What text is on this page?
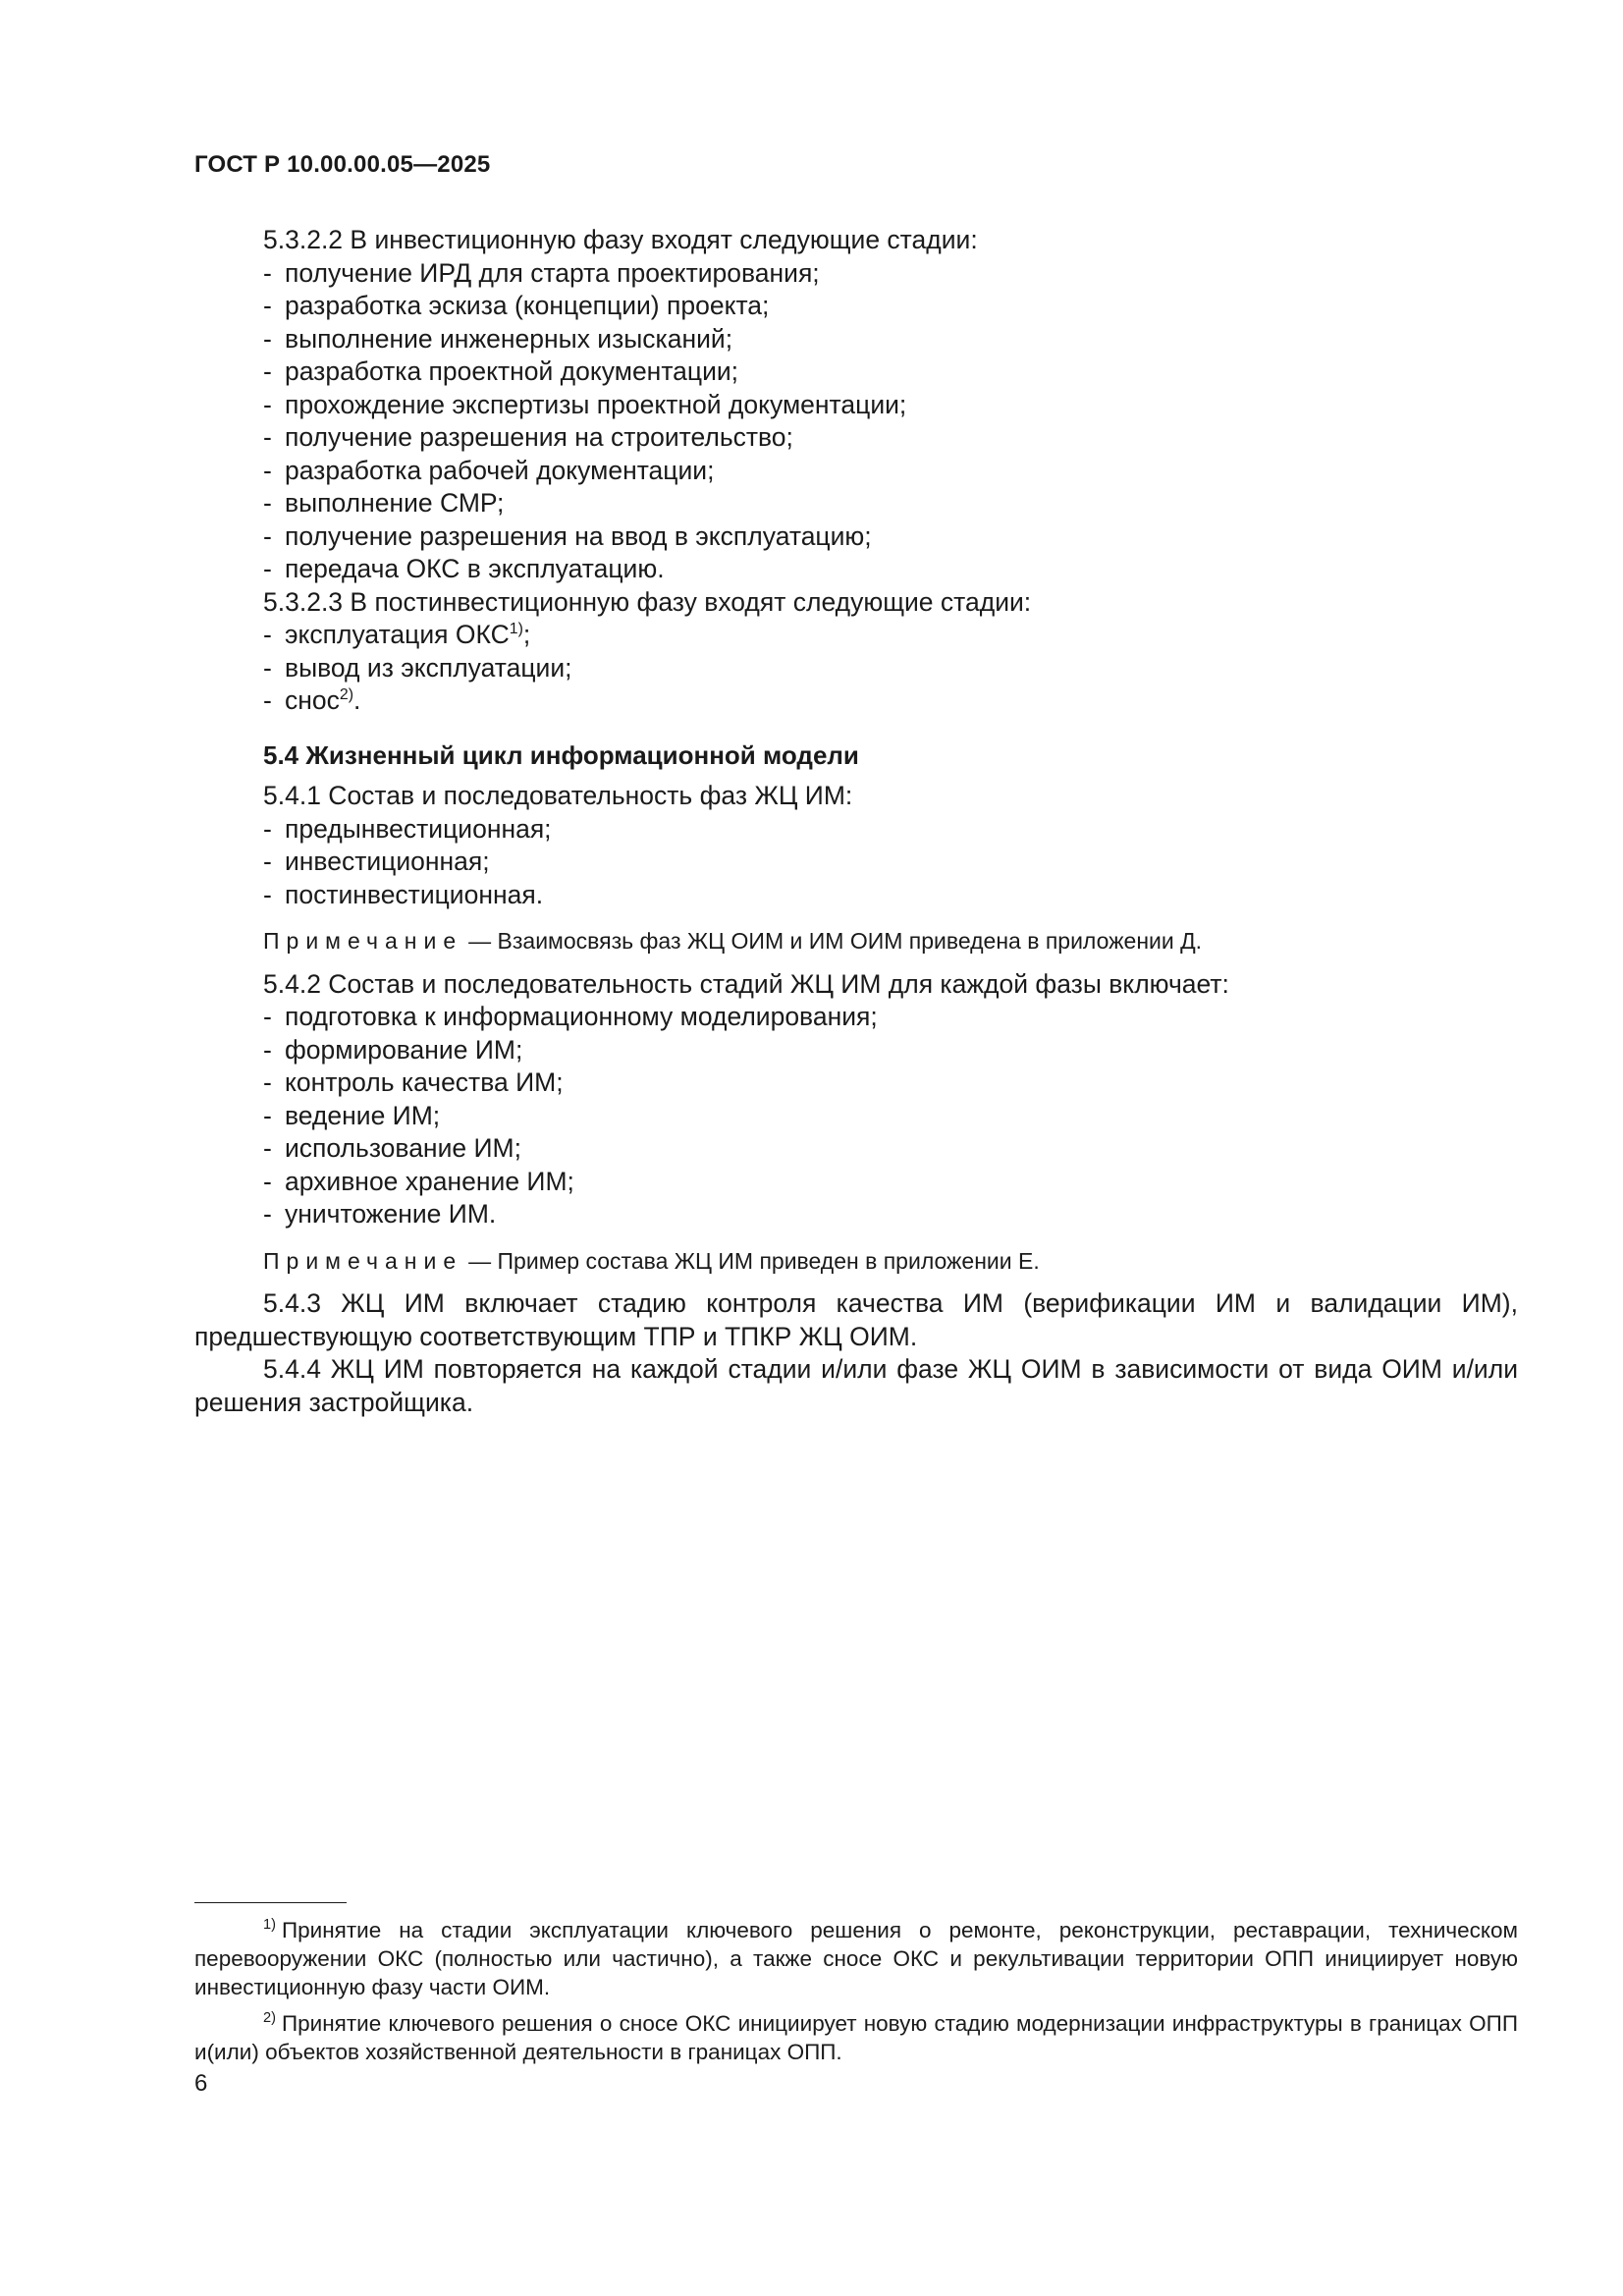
ГОСТ Р 10.00.00.05—2025
5.3.2.2 В инвестиционную фазу входят следующие стадии:
- получение ИРД для старта проектирования;
- разработка эскиза (концепции) проекта;
- выполнение инженерных изысканий;
- разработка проектной документации;
- прохождение экспертизы проектной документации;
- получение разрешения на строительство;
- разработка рабочей документации;
- выполнение СМР;
- получение разрешения на ввод в эксплуатацию;
- передача ОКС в эксплуатацию.
5.3.2.3 В постинвестиционную фазу входят следующие стадии:
- эксплуатация ОКС$^{1)}$;
- вывод из эксплуатации;
- снос$^{2)}$.
5.4 Жизненный цикл информационной модели
5.4.1 Состав и последовательность фаз ЖЦ ИМ:
- предынвестиционная;
- инвестиционная;
- постинвестиционная.
Примечание — Взаимосвязь фаз ЖЦ ОИМ и ИМ ОИМ приведена в приложении Д.
5.4.2 Состав и последовательность стадий ЖЦ ИМ для каждой фазы включает:
- подготовка к информационному моделирования;
- формирование ИМ;
- контроль качества ИМ;
- ведение ИМ;
- использование ИМ;
- архивное хранение ИМ;
- уничтожение ИМ.
Примечание — Пример состава ЖЦ ИМ приведен в приложении Е.
5.4.3 ЖЦ ИМ включает стадию контроля качества ИМ (верификации ИМ и валидации ИМ), предшествующую соответствующим ТПР и ТПКР ЖЦ ОИМ.
5.4.4 ЖЦ ИМ повторяется на каждой стадии и/или фазе ЖЦ ОИМ в зависимости от вида ОИМ и/или решения застройщика.
$^{1)}$ Принятие на стадии эксплуатации ключевого решения о ремонте, реконструкции, реставрации, техническом перевооружении ОКС (полностью или частично), а также сносе ОКС и рекультивации территории ОПП инициирует новую инвестиционную фазу части ОИМ.
$^{2)}$ Принятие ключевого решения о сносе ОКС инициирует новую стадию модернизации инфраструктуры в границах ОПП и(или) объектов хозяйственной деятельности в границах ОПП.
6
